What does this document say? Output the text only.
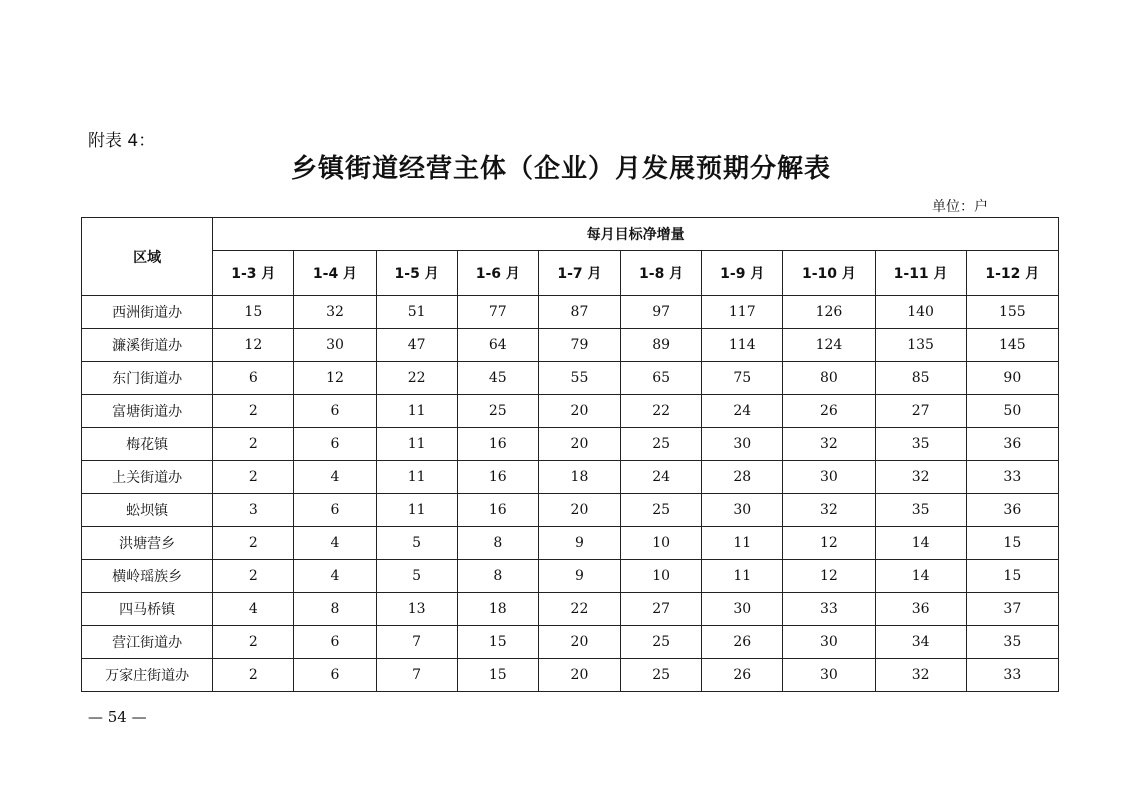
附表 4：
乡镇街道经营主体（企业）月发展预期分解表
单位：户
区域	每月目标净增量									
	1-3 月	1-4 月	1-5 月	1-6 月	1-7 月	1-8 月	1-9 月	1-10 月	1-11 月	1-12 月
西洲街道办	15	32	51	77	87	97	117	126	140	155
濂溪街道办	12	30	47	64	79	89	114	124	135	145
东门街道办	6	12	22	45	55	65	75	80	85	90
富塘街道办	2	6	11	25	20	22	24	26	27	50
梅花镇	2	6	11	16	20	25	30	32	35	36
上关街道办	2	4	11	16	18	24	28	30	32	33
蚣坝镇	3	6	11	16	20	25	30	32	35	36
洪塘营乡	2	4	5	8	9	10	11	12	14	15
横岭瑶族乡	2	4	5	8	9	10	11	12	14	15
四马桥镇	4	8	13	18	22	27	30	33	36	37
营江街道办	2	6	7	15	20	25	26	30	34	35
万家庄街道办	2	6	7	15	20	25	26	30	32	33
— 54 —
